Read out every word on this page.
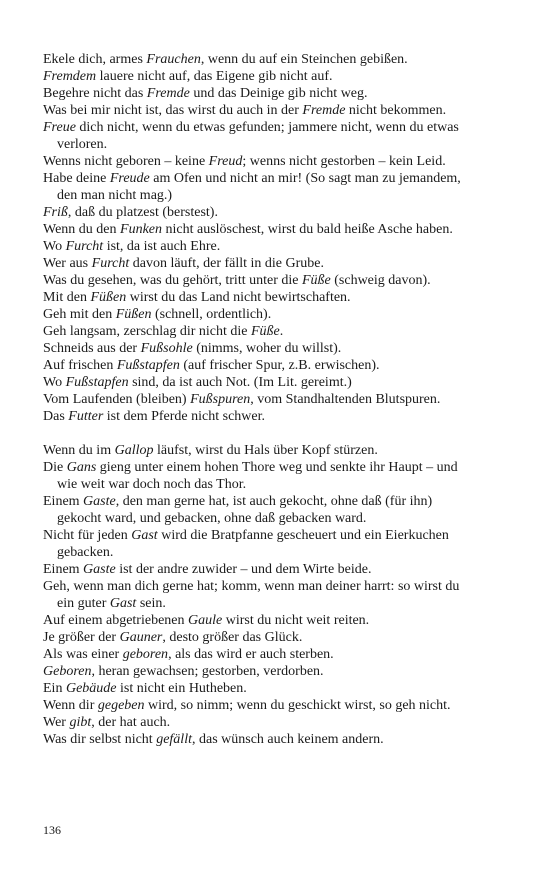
Ekele dich, armes Frauchen, wenn du auf ein Steinchen gebißen.

Fremdem lauere nicht auf, das Eigene gib nicht auf.

Begehre nicht das Fremde und das Deinige gib nicht weg.

Was bei mir nicht ist, das wirst du auch in der Fremde nicht bekommen.

Freue dich nicht, wenn du etwas gefunden; jammere nicht, wenn du etwas verloren.

Wenns nicht geboren – keine Freud; wenns nicht gestorben – kein Leid.

Habe deine Freude am Ofen und nicht an mir! (So sagt man zu jemandem, den man nicht mag.)

Friß, daß du platzest (berstest).

Wenn du den Funken nicht auslöschest, wirst du bald heiße Asche haben.

Wo Furcht ist, da ist auch Ehre.

Wer aus Furcht davon läuft, der fällt in die Grube.

Was du gesehen, was du gehört, tritt unter die Füße (schweig davon).

Mit den Füßen wirst du das Land nicht bewirtschaften.

Geh mit den Füßen (schnell, ordentlich).

Geh langsam, zerschlag dir nicht die Füße.

Schneids aus der Fußsohle (nimms, woher du willst).

Auf frischen Fußstapfen (auf frischer Spur, z.B. erwischen).

Wo Fußstapfen sind, da ist auch Not. (Im Lit. gereimt.)

Vom Laufenden (bleiben) Fußspuren, vom Standhaltenden Blutspuren.

Das Futter ist dem Pferde nicht schwer.

Wenn du im Gallop läufst, wirst du Hals über Kopf stürzen.

Die Gans gieng unter einem hohen Thore weg und senkte ihr Haupt – und wie weit war doch noch das Thor.

Einem Gaste, den man gerne hat, ist auch gekocht, ohne daß (für ihn) gekocht ward, und gebacken, ohne daß gebacken ward.

Nicht für jeden Gast wird die Bratpfanne gescheuert und ein Eierkuchen gebacken.

Einem Gaste ist der andre zuwider – und dem Wirte beide.

Geh, wenn man dich gerne hat; komm, wenn man deiner harrt: so wirst du ein guter Gast sein.

Auf einem abgetriebenen Gaule wirst du nicht weit reiten.

Je größer der Gauner, desto größer das Glück.

Als was einer geboren, als das wird er auch sterben.

Geboren, heran gewachsen; gestorben, verdorben.

Ein Gebäude ist nicht ein Hutheben.

Wenn dir gegeben wird, so nimm; wenn du geschickt wirst, so geh nicht.

Wer gibt, der hat auch.

Was dir selbst nicht gefällt, das wünsch auch keinem andern.

136
